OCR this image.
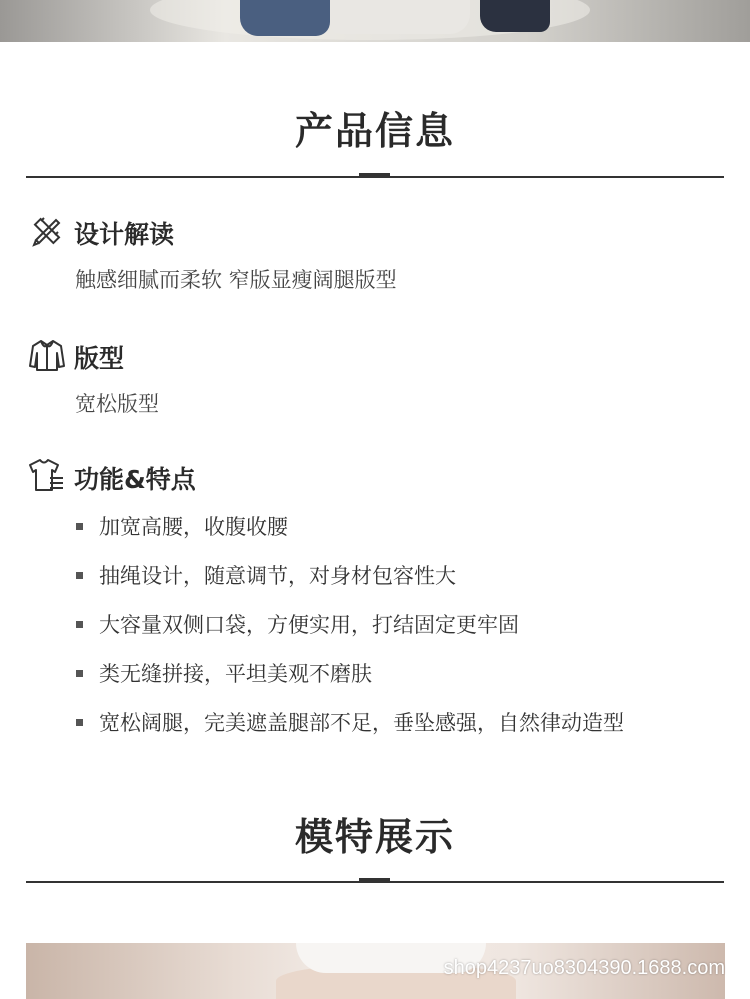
产品信息
设计解读
触感细腻而柔软 窄版显瘦阔腿版型
版型
宽松版型
功能&特点
加宽高腰，收腹收腰
抽绳设计，随意调节，对身材包容性大
大容量双侧口袋，方便实用，打结固定更牢固
类无缝拼接，平坦美观不磨肤
宽松阔腿，完美遮盖腿部不足，垂坠感强，自然律动造型
模特展示
shop4237uo8304390.1688.com
